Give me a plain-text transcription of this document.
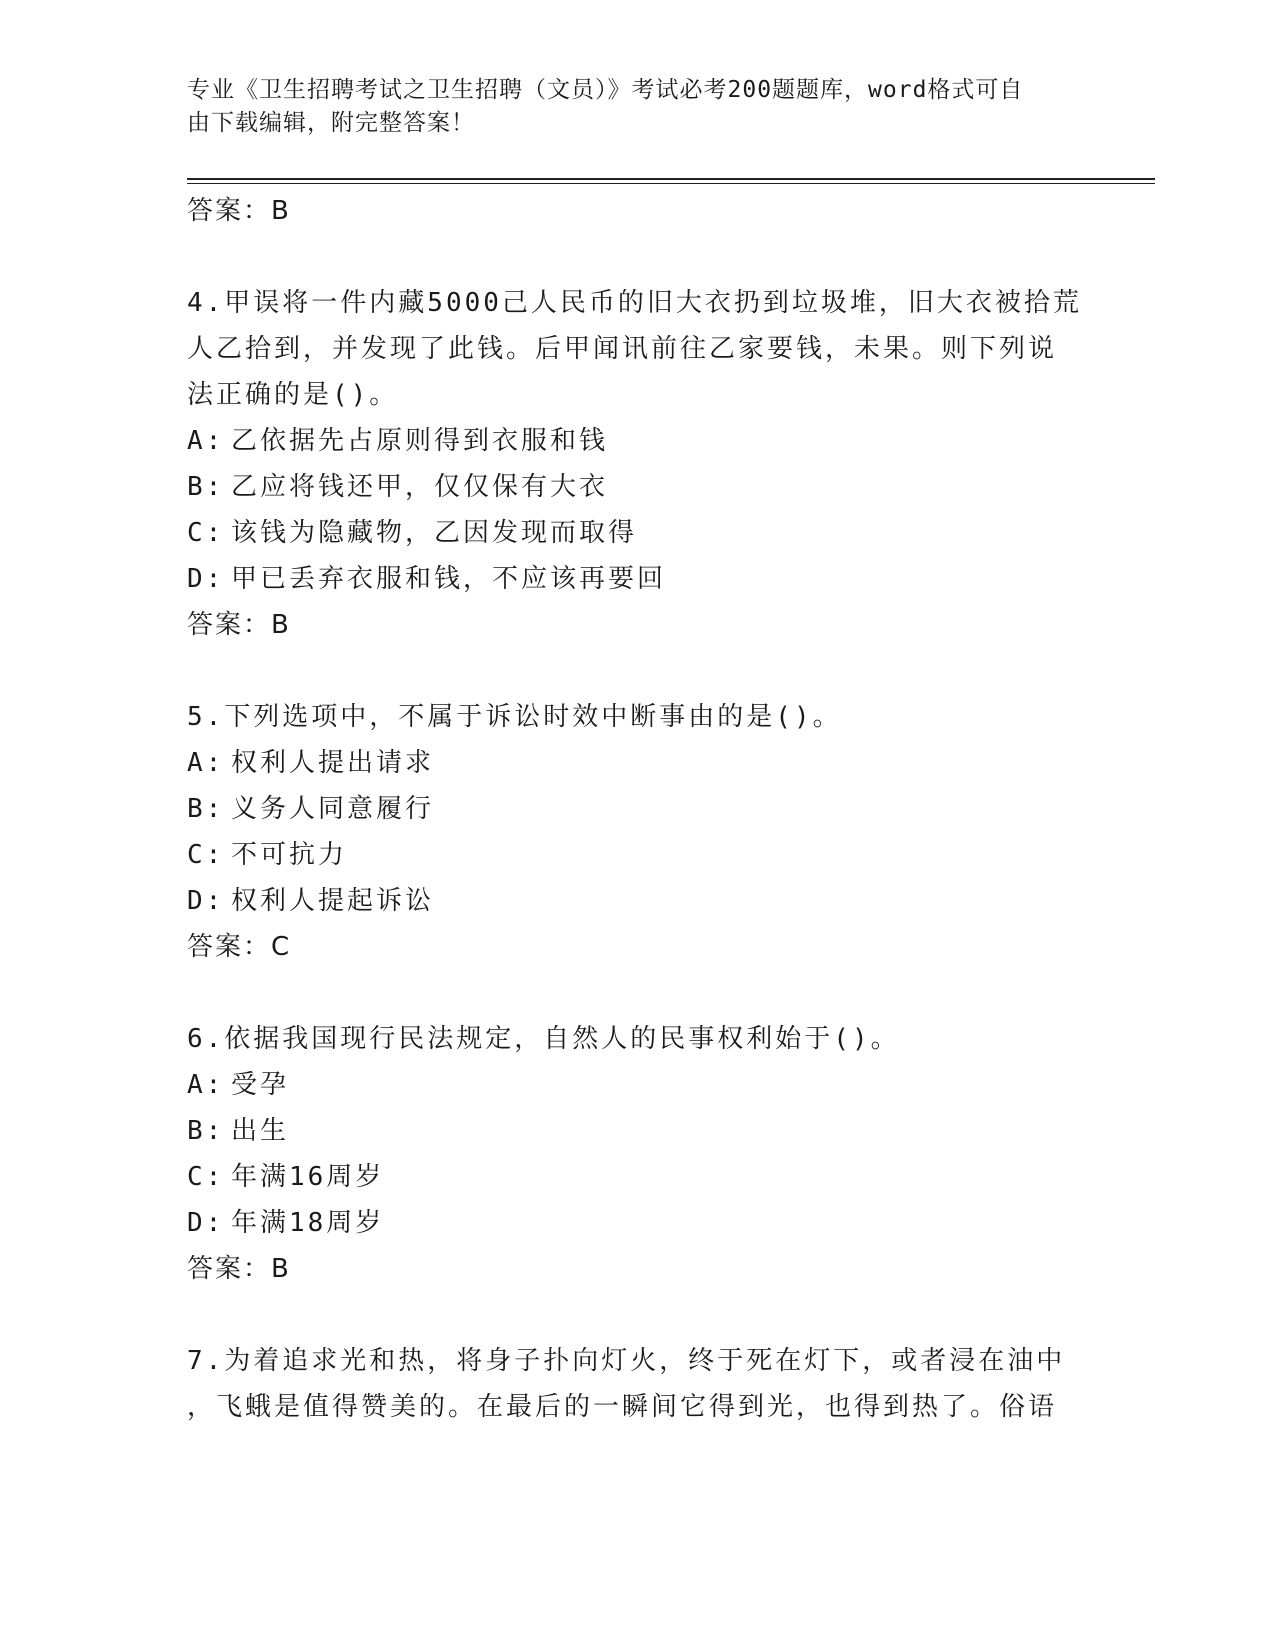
专业《卫生招聘考试之卫生招聘（文员）》考试必考200题题库，word格式可自
由下载编辑，附完整答案！
答案：B
4.甲误将一件内藏5000己人民币的旧大衣扔到垃圾堆，旧大衣被拾荒
人乙拾到，并发现了此钱。后甲闻讯前往乙家要钱，未果。则下列说
法正确的是()。
A: 乙依据先占原则得到衣服和钱
B: 乙应将钱还甲，仅仅保有大衣
C: 该钱为隐藏物，乙因发现而取得
D: 甲已丢弃衣服和钱，不应该再要回
答案：B
5.下列选项中，不属于诉讼时效中断事由的是()。
A: 权利人提出请求
B: 义务人同意履行
C: 不可抗力
D: 权利人提起诉讼
答案：C
6.依据我国现行民法规定，自然人的民事权利始于()。
A: 受孕
B: 出生
C: 年满16周岁
D: 年满18周岁
答案：B
7.为着追求光和热，将身子扑向灯火，终于死在灯下，或者浸在油中
，飞蛾是值得赞美的。在最后的一瞬间它得到光，也得到热了。俗语
